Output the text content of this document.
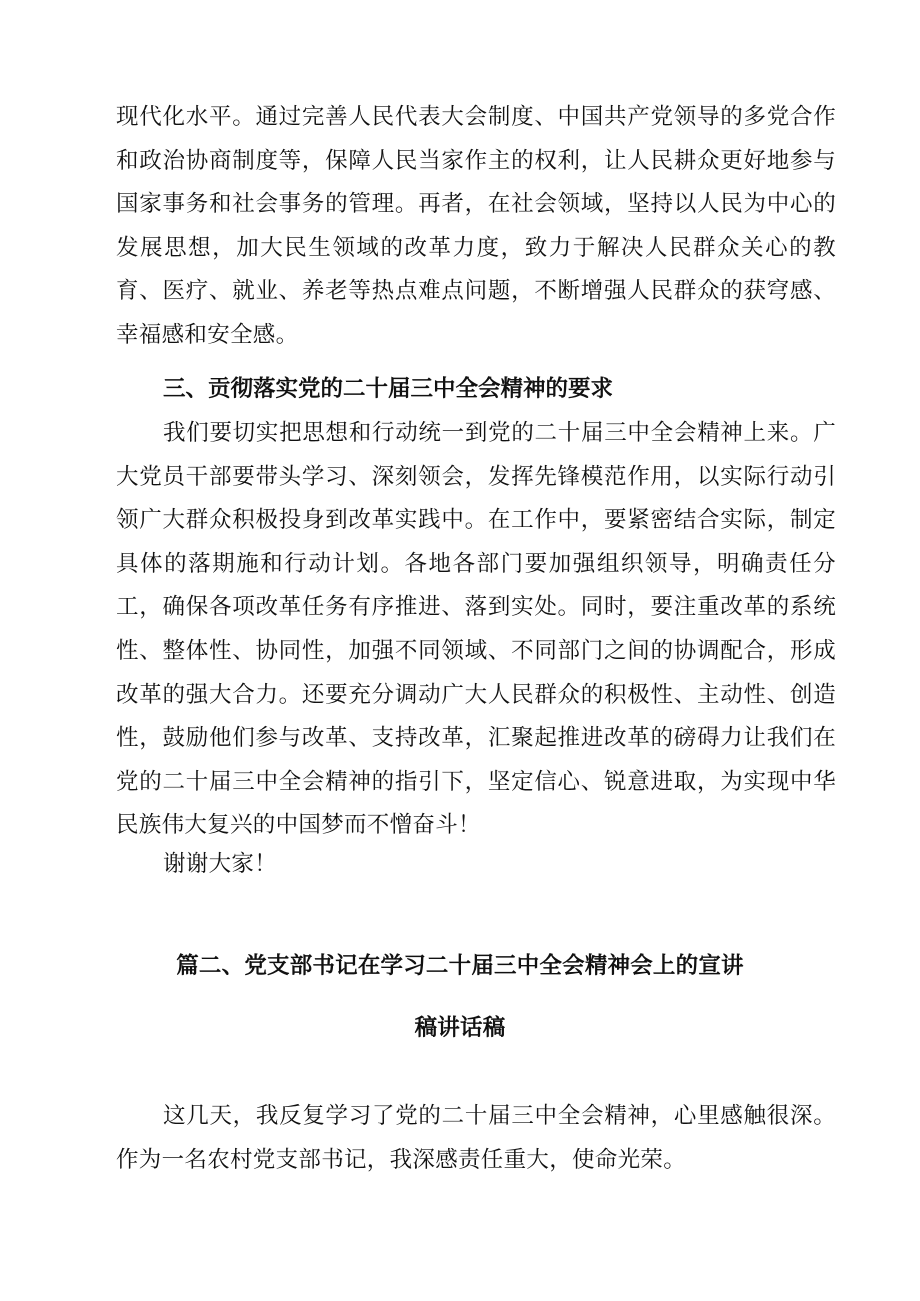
现代化水平。通过完善人民代表大会制度、中国共产党领导的多党合作和政治协商制度等，保障人民当家作主的权利，让人民耕众更好地参与国家事务和社会事务的管理。再者，在社会领域，坚持以人民为中心的发展思想，加大民生领域的改革力度，致力于解决人民群众关心的教育、医疗、就业、养老等热点难点问题，不断增强人民群众的获穹感、幸福感和安全感。

三、贡彻落实党的二十届三中全会精神的要求

我们要切实把思想和行动统一到党的二十届三中全会精神上来。广大党员干部要带头学习、深刻领会，发挥先锋模范作用，以实际行动引领广大群众积极投身到改革实践中。在工作中，要紧密结合实际，制定具体的落期施和行动计划。各地各部门要加强组织领导，明确责任分工，确保各项改革任务有序推进、落到实处。同时，要注重改革的系统性、整体性、协同性，加强不同领域、不同部门之间的协调配合，形成改革的强大合力。还要充分调动广大人民群众的积极性、主动性、创造性，鼓励他们参与改革、支持改革，汇聚起推进改革的磅碍力让我们在党的二十届三中全会精神的指引下，坚定信心、锐意进取，为实现中华民族伟大复兴的中国梦而不憎奋斗！

谢谢大家！

篇二、党支部书记在学习二十届三中全会精神会上的宣讲

稿讲话稿

这几天，我反复学习了党的二十届三中全会精神，心里感触很深。作为一名农村党支部书记，我深感责任重大，使命光荣。
